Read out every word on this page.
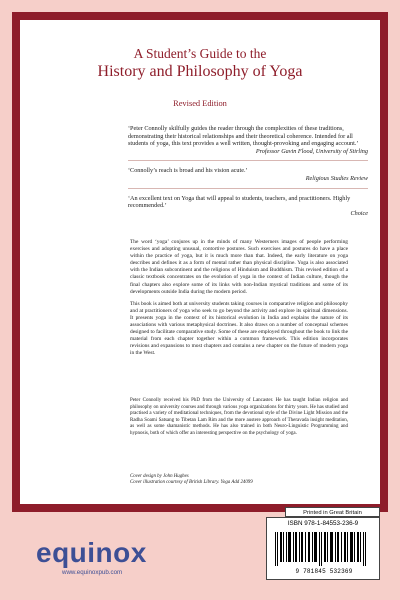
A Student’s Guide to the
History and Philosophy of Yoga
Revised Edition
‘Peter Connolly skilfully guides the reader through the complexities of these traditions, demonstrating their historical relationships and their theoretical coherence. Intended for all students of yoga, this text provides a well written, thought-provoking and engaging account.’
Professor Gavin Flood, University of Stirling
‘Connolly’s reach is broad and his vision acute.’
Religious Studies Review
‘An excellent text on Yoga that will appeal to students, teachers, and practitioners. Highly recommended.’
Choice

The word ‘yoga’ conjures up in the minds of many Westerners images of people performing exercises and adopting unusual, contortive postures. Such exercises and postures do have a place within the practice of yoga, but it is much more than that. Indeed, the early literature on yoga describes and defines it as a form of mental rather than physical discipline. Yoga is also associated with the Indian subcontinent and the religions of Hinduism and Buddhism. This revised edition of a classic textbook concentrates on the evolution of yoga in the context of Indian culture, though the final chapters also explore some of its links with non-Indian mystical traditions and some of its developments outside India during the modern period.

This book is aimed both at university students taking courses in comparative religion and philosophy and at practitioners of yoga who seek to go beyond the activity and explore its spiritual dimensions. It presents yoga in the context of its historical evolution in India and explains the nature of its associations with various metaphysical doctrines. It also draws on a number of conceptual schemes designed to facilitate comparative study. Some of these are employed throughout the book to link the material from each chapter together within a common framework. This edition incorporates revisions and expansions to most chapters and contains a new chapter on the future of modern yoga in the West.

Peter Connolly received his PhD from the University of Lancaster. He has taught Indian religion and philosophy on university courses and through various yoga organizations for thirty years. He has studied and practised a variety of meditational techniques, from the devotional style of the Divine Light Mission and the Radha Soami Satsang to Tibetan Lam Rim and the more austere approach of Theravada insight meditation, as well as some shamanistic methods. He has also trained in both Neuro-Linguistic Programming and hypnosis, both of which offer an interesting perspective on the psychology of yoga.

Cover design by John Hughes
Cover illustration courtesy of British Library. Yoga Add 24099
Printed in Great Britain
ISBN 978-1-84553-236-9
9 781845 532369
equinox
www.equinoxpub.com
